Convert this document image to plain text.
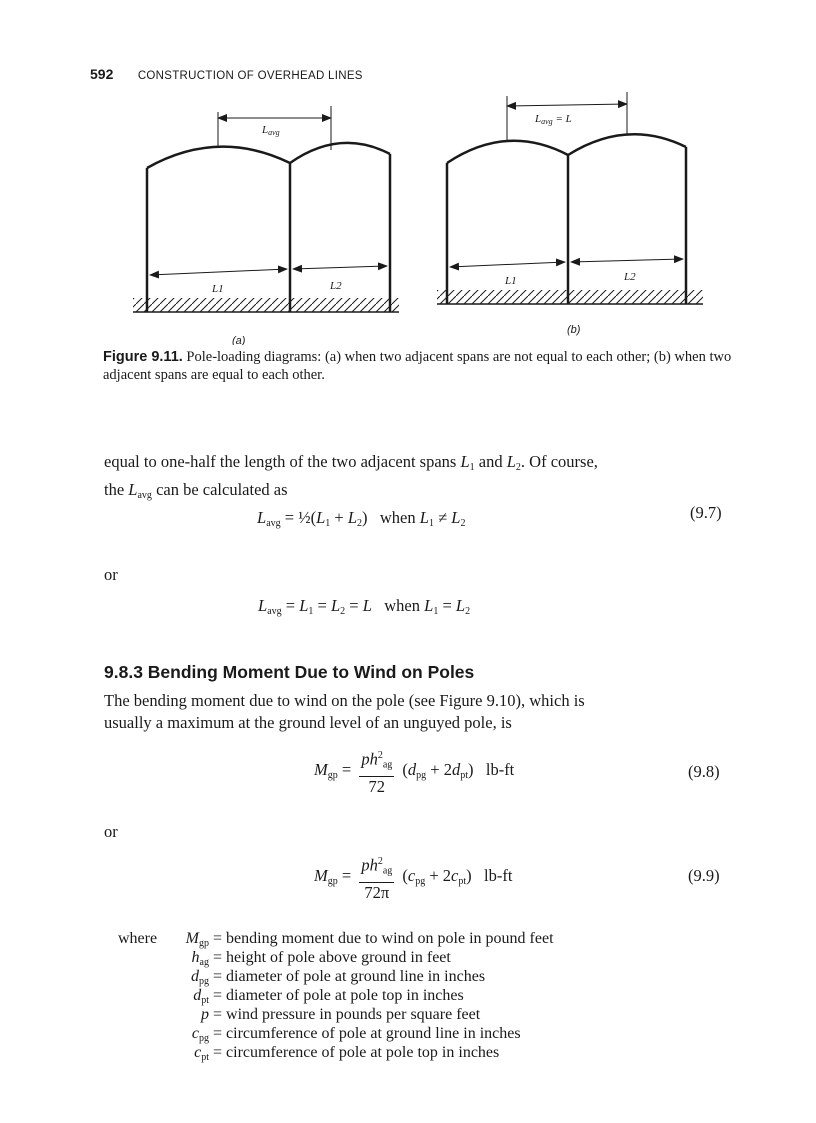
592 CONSTRUCTION OF OVERHEAD LINES
Lavg
L1	L2
(a)
Lavg = L
L1	L2
(b)
Figure 9.11. Pole-loading diagrams: (a) when two adjacent spans are not equal to each other; (b) when two adjacent spans are equal to each other.
equal to one-half the length of the two adjacent spans $L_1$ and $L_2$. Of course,
the $L_{avg}$ can be calculated as
$L_{avg}$ = $\frac{1}{2}(L_1 + L_2)$   when $L_1 \ne L_2$
(9.7)
or
$L_{avg} = L_1 = L_2 = L$ when $L_1 = L_2$
9.8.3 Bending Moment Due to Wind on Poles
The bending moment due to wind on the pole (see Figure 9.10), which is
usually a maximum at the ground level of an unguyed pole, is
$M_{gp} = \frac{ph^2_{ag}}{72} (d_{pg} + 2d_{pt})$   lb-ft	(9.8)
or
$M_{gp} = \frac{ph^2_{ag}}{72\pi} (c_{pg} + 2c_{pt})$   lb-ft	(9.9)
where $M_{gp}$ = bending moment due to wind on pole in pound feet
$h_{ag}$ = height of pole above ground in feet
$d_{pg}$ = diameter of pole at ground line in inches
$d_{pt}$ = diameter of pole at pole top in inches
p = wind pressure in pounds per square feet
$c_{pg}$ = circumference of pole at ground line in inches
$c_{pt}$ = circumference of pole at pole top in inches
